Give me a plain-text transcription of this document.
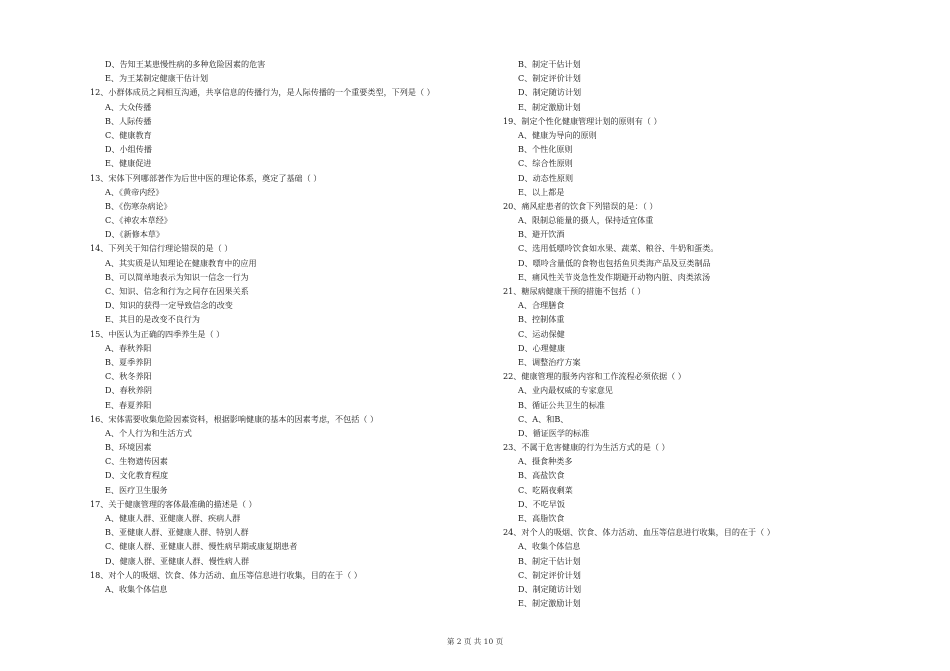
D、告知王某患慢性病的多种危险因素的危害
E、为王某制定健康干估计划
12、小群体成员之间相互沟通，共享信息的传播行为，是人际传播的一个重要类型，下列是（ ）
A、大众传播
B、人际传播
C、健康教育
D、小组传播
E、健康促进
13、宋体下列哪部著作为后世中医的理论体系，奠定了基础（ ）
A、《黄帝内经》
B、《伤寒杂病论》
C、《神农本草经》
D、《新修本草》
14、下列关于知信行理论错误的是（ ）
A、其实质是认知理论在健康教育中的应用
B、可以简单地表示为知识一信念一行为
C、知识、信念和行为之间存在因果关系
D、知识的获得一定导致信念的改变
E、其目的是改变不良行为
15、中医认为正确的四季养生是（ ）
A、春秋养阳
B、夏季养阴
C、秋冬养阳
D、春秋养阴
E、春夏养阳
16、宋体需要收集危险因素资料，根据影响健康的基本的因素考虑，不包括（ ）
A、个人行为和生活方式
B、环境因素
C、生物遗传因素
D、文化教育程度
E、医疗卫生服务
17、关于健康管理的客体最准确的描述是（ ）
A、健康人群、亚健康人群、疾病人群
B、亚健康人群、亚健康人群、特别人群
C、健康人群、亚健康人群、慢性病早期或康复期患者
D、健康人群、亚健康人群、慢性病人群
18、对个人的吸烟、饮食、体力活动、血压等信息进行收集，目的在于（ ）
A、收集个体信息
B、制定干估计划
C、制定评价计划
D、制定随访计划
E、制定激励计划
19、制定个性化健康管理计划的原则有（ ）
A、健康为导向的原则
B、个性化原则
C、综合性原则
D、动态性原则
E、以上都是
20、痛风症患者的饮食下列错误的是：（ ）
A、限制总能量的摄人，保持适宜体重
B、避开饮酒
C、选用低嘌呤饮食如水果、蔬菜、粮谷、牛奶和蛋类。
D、嘌呤含量低的食物也包括鱼贝类海产品及豆类制品
E、痛风性关节炎急性发作期避开动物内脏、肉类浓汤
21、糖尿病健康干预的措施不包括（ ）
A、合理膳食
B、控制体重
C、运动保健
D、心理健康
E、调整治疗方案
22、健康管理的服务内容和工作流程必须依据（ ）
A、业内最权威的专家意见
B、循证公共卫生的标准
C、A、和B、
D、循证医学的标准
23、不属于危害健康的行为生活方式的是（ ）
A、摄食种类多
B、高盐饮食
C、吃隔夜剩菜
D、不吃早饭
E、高脂饮食
24、对个人的吸烟、饮食、体力活动、血压等信息进行收集，目的在于（ ）
A、收集个体信息
B、制定干估计划
C、制定评价计划
D、制定随访计划
E、制定激励计划
第 2 页 共 10 页
